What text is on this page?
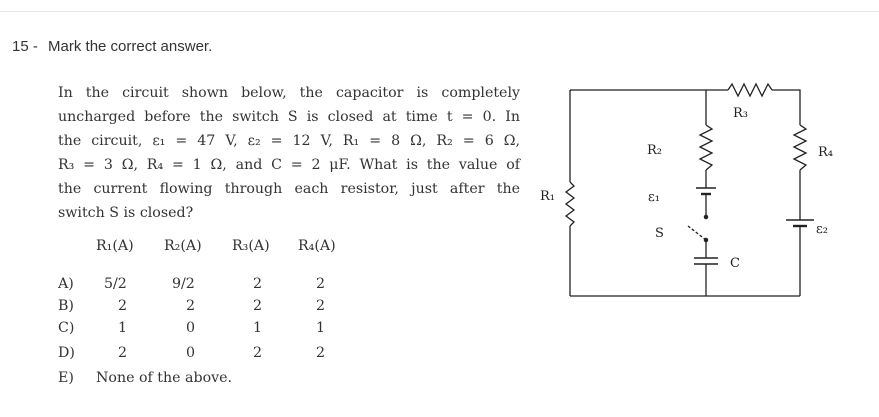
15 - Mark the correct answer.
In the circuit shown below, the capacitor is completely
uncharged before the switch S is closed at time t = 0. In
the circuit, ε₁ = 47 V, ε₂ = 12 V, R₁ = 8 Ω, R₂ = 6 Ω,
R₃ = 3 Ω, R₄ = 1 Ω, and C = 2 μF. What is the value of
the current flowing through each resistor, just after the
switch S is closed?
R₁(A) R₂(A) R₃(A) R₄(A)
A) 5/2	9/2	2	2
B)	2	2	2	2
C)	1	0	1	1
D)	2	0	2	2
E) None of the above.
R₁
R₂
R₃
R₄
ε₁
ε₂
S
C
